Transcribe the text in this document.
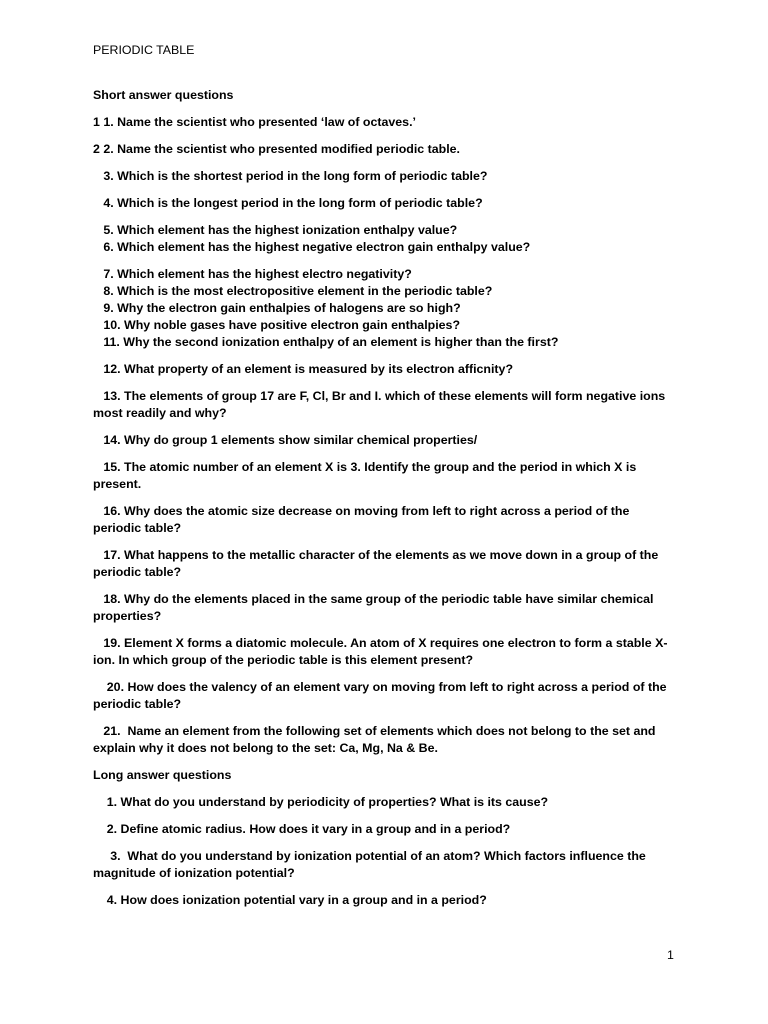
PERIODIC TABLE
Short answer questions
1 1. Name the scientist who presented ‘law of octaves.’
2 2. Name the scientist who presented modified periodic table.
3. Which is the shortest period in the long form of periodic table?
4. Which is the longest period in the long form of periodic table?
5. Which element has the highest ionization enthalpy value?
6. Which element has the highest negative electron gain enthalpy value?
7. Which element has the highest electro negativity?
8. Which is the most electropositive element in the periodic table?
9. Why the electron gain enthalpies of halogens are so high?
10. Why noble gases have positive electron gain enthalpies?
11. Why the second ionization enthalpy of an element is higher than the first?
12. What property of an element is measured by its electron afficnity?
13. The elements of group 17 are F, Cl, Br and I. which of these elements will form negative ions most readily and why?
14. Why do group 1 elements show similar chemical properties/
15. The atomic number of an element X is 3. Identify the group and the period in which X is present.
16. Why does the atomic size decrease on moving from left to right across a period of the periodic table?
17. What happens to the metallic character of the elements as we move down in a group of the periodic table?
18. Why do the elements placed in the same group of the periodic table have similar chemical properties?
19. Element X forms a diatomic molecule. An atom of X requires one electron to form a stable X-ion. In which group of the periodic table is this element present?
20. How does the valency of an element vary on moving from left to right across a period of the periodic table?
21.  Name an element from the following set of elements which does not belong to the set and explain why it does not belong to the set: Ca, Mg, Na & Be.
Long answer questions
1. What do you understand by periodicity of properties? What is its cause?
2. Define atomic radius. How does it vary in a group and in a period?
3.  What do you understand by ionization potential of an atom? Which factors influence the magnitude of ionization potential?
4. How does ionization potential vary in a group and in a period?
1
